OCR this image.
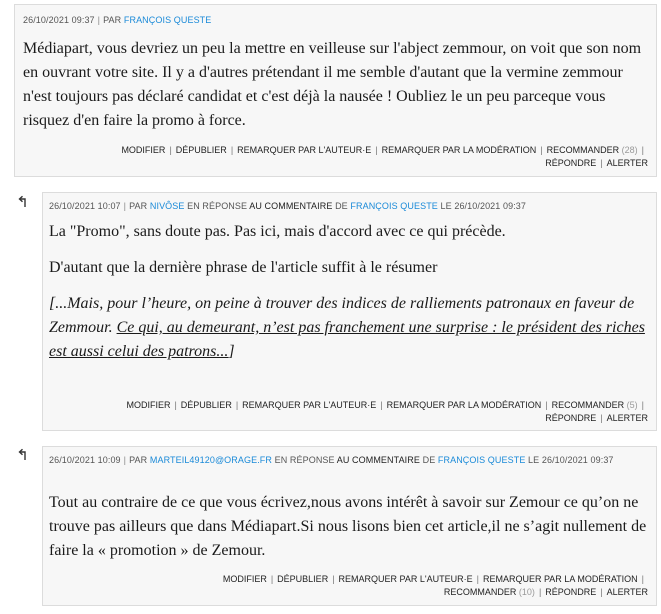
26/10/2021 09:37 | PAR FRANÇOIS QUESTE

Médiapart, vous devriez un peu la mettre en veilleuse sur l'abject zemmour, on voit que son nom en ouvrant votre site. Il y a d'autres prétendant il me semble d'autant que la vermine zemmour n'est toujours pas déclaré candidat et c'est déjà la nausée ! Oubliez le un peu parceque vous risquez d'en faire la promo à force.

MODIFIER | DÉPUBLIER | REMARQUER PAR L'AUTEUR·E | REMARQUER PAR LA MODÉRATION | RECOMMANDER (28) |
RÉPONDRE | ALERTER
26/10/2021 10:07 | PAR NIVÔSE EN RÉPONSE AU COMMENTAIRE DE FRANÇOIS QUESTE LE 26/10/2021 09:37

La "Promo", sans doute pas. Pas ici, mais d'accord avec ce qui précède.

D'autant que la dernière phrase de l'article suffit à le résumer

[...Mais, pour l’heure, on peine à trouver des indices de ralliements patronaux en faveur de Zemmour. Ce qui, au demeurant, n’est pas franchement une surprise : le président des riches est aussi celui des patrons...]

MODIFIER | DÉPUBLIER | REMARQUER PAR L'AUTEUR·E | REMARQUER PAR LA MODÉRATION | RECOMMANDER (5) |
RÉPONDRE | ALERTER
26/10/2021 10:09 | PAR MARTEIL49120@ORAGE.FR EN RÉPONSE AU COMMENTAIRE DE FRANÇOIS QUESTE LE 26/10/2021 09:37

Tout au contraire de ce que vous écrivez,nous avons intérêt à savoir sur Zemour ce qu’on ne trouve pas ailleurs que dans Médiapart.Si nous lisons bien cet article,il ne s’agit nullement de faire la « promotion » de Zemour.

MODIFIER | DÉPUBLIER | REMARQUER PAR L'AUTEUR·E | REMARQUER PAR LA MODÉRATION |
RECOMMANDER (10) | RÉPONDRE | ALERTER
